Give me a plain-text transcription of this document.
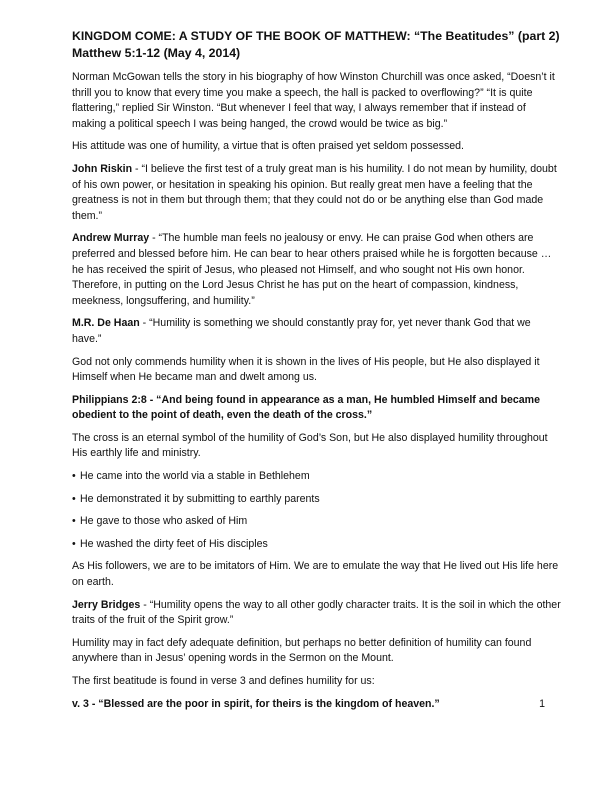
KINGDOM COME: A STUDY OF THE BOOK OF MATTHEW: “The Beatitudes” (part 2)
Matthew 5:1-12 (May 4, 2014)

Norman McGowan tells the story in his biography of how Winston Churchill was once asked, “Doesn’t it thrill you to know that every time you make a speech, the hall is packed to overflowing?” “It is quite flattering,” replied Sir Winston. “But whenever I feel that way, I always remember that if instead of making a political speech I was being hanged, the crowd would be twice as big.”

His attitude was one of humility, a virtue that is often praised yet seldom possessed.

John Riskin - “I believe the first test of a truly great man is his humility. I do not mean by humility, doubt of his own power, or hesitation in speaking his opinion. But really great men have a feeling that the greatness is not in them but through them; that they could not do or be anything else than God made them.”

Andrew Murray - “The humble man feels no jealousy or envy. He can praise God when others are preferred and blessed before him. He can bear to hear others praised while he is forgotten because … he has received the spirit of Jesus, who pleased not Himself, and who sought not His own honor. Therefore, in putting on the Lord Jesus Christ he has put on the heart of compassion, kindness, meekness, longsuffering, and humility.”

M.R. De Haan - “Humility is something we should constantly pray for, yet never thank God that we have.”

God not only commends humility when it is shown in the lives of His people, but He also displayed it Himself when He became man and dwelt among us.

Philippians 2:8 - “And being found in appearance as a man, He humbled Himself and became obedient to the point of death, even the death of the cross.”

The cross is an eternal symbol of the humility of God’s Son, but He also displayed humility throughout His earthly life and ministry.

• He came into the world via a stable in Bethlehem
• He demonstrated it by submitting to earthly parents
• He gave to those who asked of Him
• He washed the dirty feet of His disciples

As His followers, we are to be imitators of Him. We are to emulate the way that He lived out His life here on earth.

Jerry Bridges - “Humility opens the way to all other godly character traits. It is the soil in which the other traits of the fruit of the Spirit grow.”

Humility may in fact defy adequate definition, but perhaps no better definition of humility can found anywhere than in Jesus’ opening words in the Sermon on the Mount.

The first beatitude is found in verse 3 and defines humility for us:

v. 3 - “Blessed are the poor in spirit, for theirs is the kingdom of heaven.”	1
